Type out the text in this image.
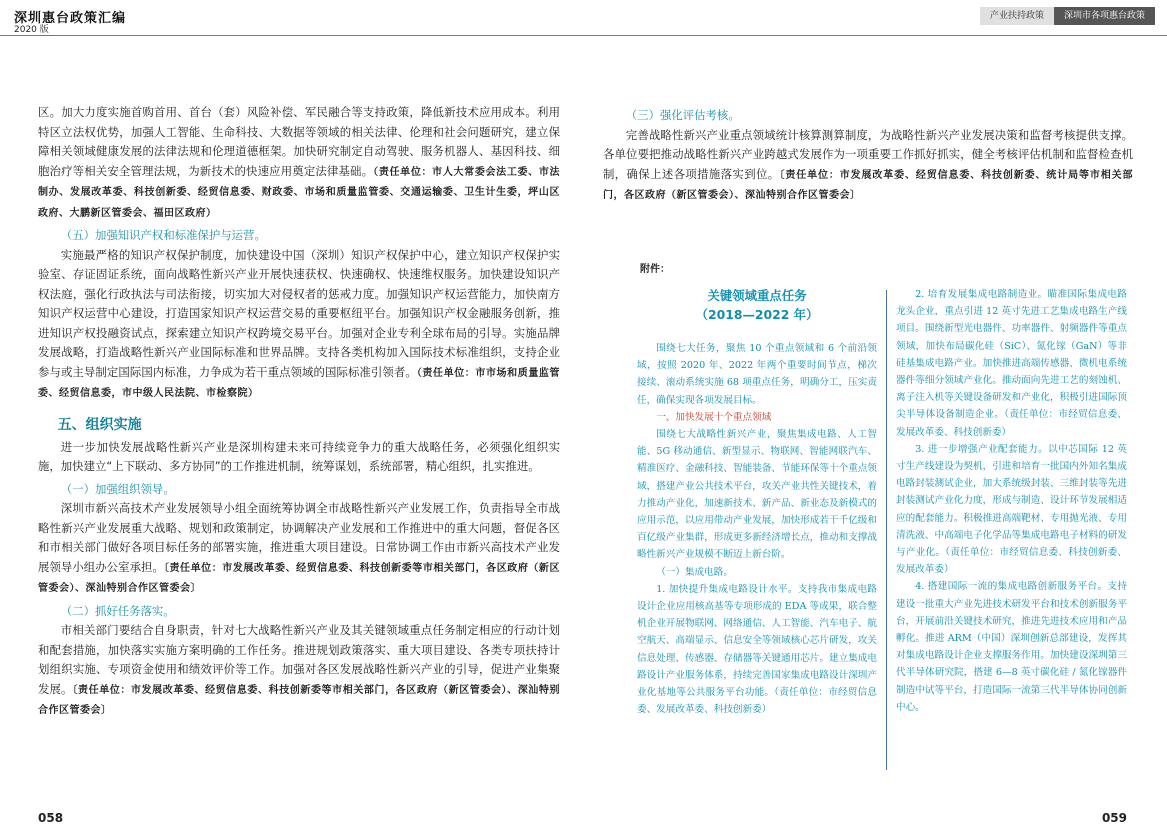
深圳惠台政策汇编
2020 版
产业扶持政策	深圳市各项惠台政策

区。加大力度实施首购首用、首台（套）风险补偿、军民融合等支持政策，降低新技术应用成本。利用特区立法权优势，加强人工智能、生命科技、大数据等领域的相关法律、伦理和社会问题研究，建立保障相关领域健康发展的法律法规和伦理道德框架。加快研究制定自动驾驶、服务机器人、基因科技、细胞治疗等相关安全管理法规，为新技术的快速应用奠定法律基础。（责任单位：市人大常委会法工委、市法制办、发展改革委、科技创新委、经贸信息委、财政委、市场和质量监管委、交通运输委、卫生计生委，坪山区政府、大鹏新区管委会、福田区政府）

（五）加强知识产权和标准保护与运营。

实施最严格的知识产权保护制度，加快建设中国（深圳）知识产权保护中心，建立知识产权保护实验室、存证固证系统，面向战略性新兴产业开展快速获权、快速确权、快速维权服务。加快建设知识产权法庭，强化行政执法与司法衔接，切实加大对侵权者的惩戒力度。加强知识产权运营能力，加快南方知识产权运营中心建设，打造国家知识产权运营交易的重要枢纽平台。加强知识产权金融服务创新，推进知识产权投融资试点，探索建立知识产权跨境交易平台。加强对企业专利全球布局的引导。实施品牌发展战略，打造战略性新兴产业国际标准和世界品牌。支持各类机构加入国际技术标准组织，支持企业参与或主导制定国际国内标准，力争成为若干重点领域的国际标准引领者。（责任单位：市市场和质量监管委、经贸信息委，市中级人民法院、市检察院）

五、组织实施

进一步加快发展战略性新兴产业是深圳构建未来可持续竞争力的重大战略任务，必须强化组织实施，加快建立“上下联动、多方协同”的工作推进机制，统筹谋划，系统部署，精心组织，扎实推进。

（一）加强组织领导。

深圳市新兴高技术产业发展领导小组全面统筹协调全市战略性新兴产业发展工作，负责指导全市战略性新兴产业发展重大战略、规划和政策制定，协调解决产业发展和工作推进中的重大问题，督促各区和市相关部门做好各项目标任务的部署实施，推进重大项目建设。日常协调工作由市新兴高技术产业发展领导小组办公室承担。〔责任单位：市发展改革委、经贸信息委、科技创新委等市相关部门，各区政府（新区管委会）、深汕特别合作区管委会〕

（二）抓好任务落实。

市相关部门要结合自身职责，针对七大战略性新兴产业及其关键领域重点任务制定相应的行动计划和配套措施，加快落实实施方案明确的工作任务。推进规划政策落实、重大项目建设、各类专项扶持计划组织实施、专项资金使用和绩效评价等工作。加强对各区发展战略性新兴产业的引导，促进产业集聚发展。〔责任单位：市发展改革委、经贸信息委、科技创新委等市相关部门，各区政府（新区管委会）、深汕特别合作区管委会〕

（三）强化评估考核。

完善战略性新兴产业重点领域统计核算测算制度，为战略性新兴产业发展决策和监督考核提供支撑。各单位要把推动战略性新兴产业跨越式发展作为一项重要工作抓好抓实，健全考核评估机制和监督检查机制，确保上述各项措施落实到位。〔责任单位：市发展改革委、经贸信息委、科技创新委、统计局等市相关部门，各区政府（新区管委会）、深汕特别合作区管委会〕

附件：
关键领域重点任务
（2018—2022 年）

围绕七大任务，聚焦 10 个重点领域和 6 个前沿领域，按照 2020 年、2022 年两个重要时间节点，梯次接续、滚动系统实施 68 项重点任务，明确分工，压实责任，确保实现各项发展目标。

一、加快发展十个重点领域

围绕七大战略性新兴产业，聚焦集成电路、人工智能、5G 移动通信、新型显示、物联网、智能网联汽车、精准医疗、金融科技、智能装备、节能环保等十个重点领域，搭建产业公共技术平台，攻关产业共性关键技术，着力推动产业化，加速新技术、新产品、新业态及新模式的应用示范，以应用带动产业发展，加快形成若干千亿级和百亿级产业集群，形成更多新经济增长点，推动和支撑战略性新兴产业规模不断迈上新台阶。

（一）集成电路。

1. 加快提升集成电路设计水平。支持我市集成电路设计企业应用核高基等专项形成的 EDA 等成果，联合整机企业开展物联网、网络通信、人工智能、汽车电子、航空航天、高端显示、信息安全等领域核心芯片研发，攻关信息处理、传感器、存储器等关键通用芯片。建立集成电路设计产业服务体系，持续完善国家集成电路设计深圳产业化基地等公共服务平台功能。（责任单位：市经贸信息委、发展改革委、科技创新委）

2. 培育发展集成电路制造业。瞄准国际集成电路龙头企业，重点引进 12 英寸先进工艺集成电路生产线项目。围绕新型光电器件、功率器件、射频器件等重点领域，加快布局碳化硅（SiC）、氮化镓（GaN）等非硅基集成电路产业。加快推进高端传感器、微机电系统器件等细分领域产业化。推动面向先进工艺的刻蚀机、离子注入机等关键设备研发和产业化，积极引进国际顶尖半导体设备制造企业。（责任单位：市经贸信息委、发展改革委、科技创新委）

3. 进一步增强产业配套能力。以中芯国际 12 英寸生产线建设为契机，引进和培育一批国内外知名集成电路封装测试企业，加大系统级封装、三维封装等先进封装测试产业化力度，形成与制造、设计环节发展相适应的配套能力。积极推进高端靶材、专用抛光液、专用清洗液、中高端电子化学品等集成电路电子材料的研发与产业化。（责任单位：市经贸信息委、科技创新委、发展改革委）

4. 搭建国际一流的集成电路创新服务平台。支持建设一批重大产业先进技术研发平台和技术创新服务平台，开展前沿关键技术研究，推进先进技术应用和产品孵化。推进 ARM（中国）深圳创新总部建设，发挥其对集成电路设计企业支撑服务作用。加快建设深圳第三代半导体研究院，搭建 6—8 英寸碳化硅 / 氮化镓器件制造中试等平台，打造国际一流第三代半导体协同创新中心。

058	059
